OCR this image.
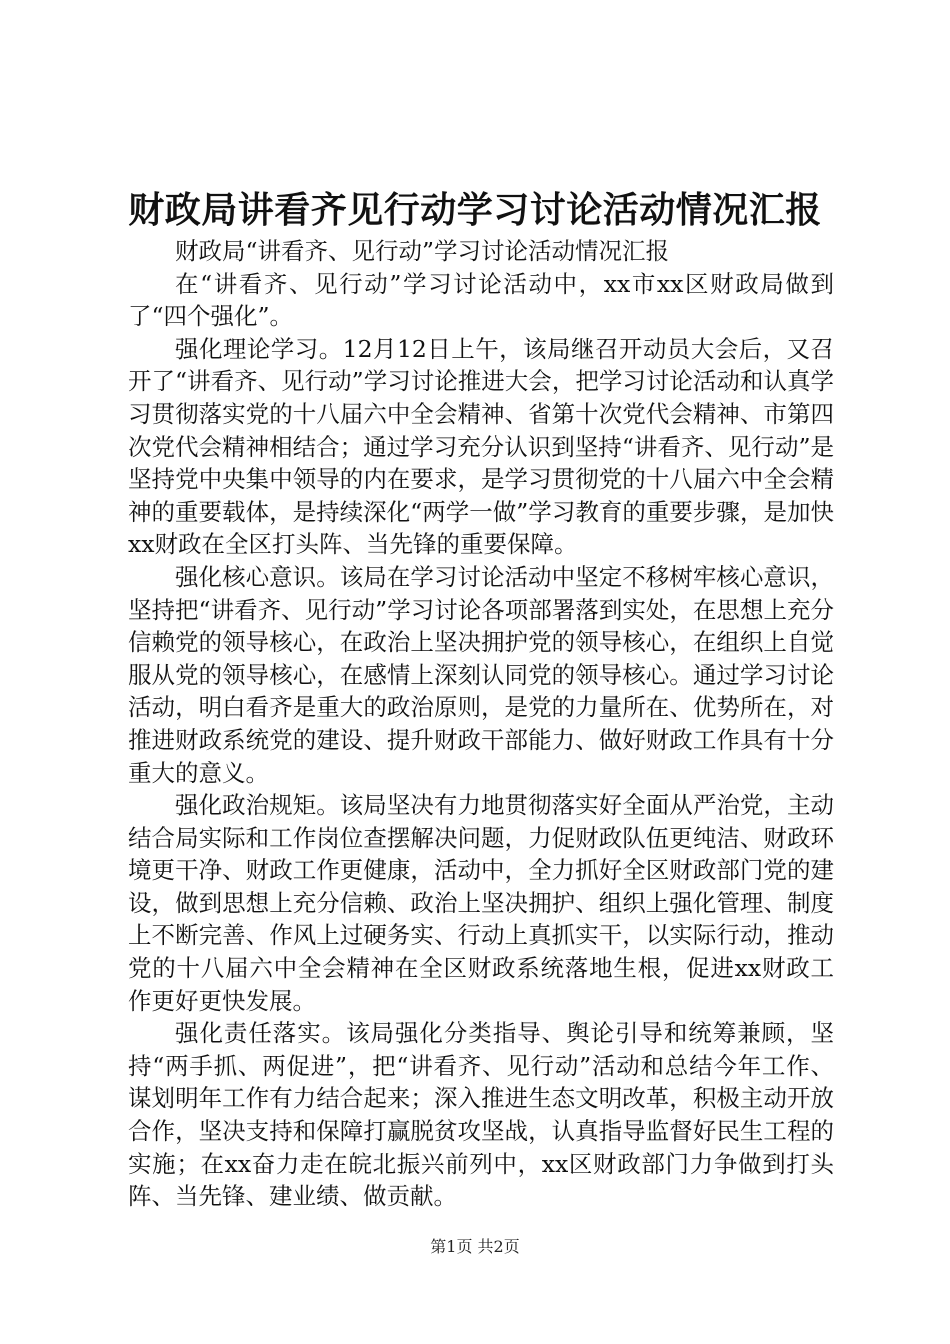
财政局讲看齐见行动学习讨论活动情况汇报

财政局“讲看齐、见行动”学习讨论活动情况汇报

在“讲看齐、见行动”学习讨论活动中，xx市xx区财政局做到了“四个强化”。

强化理论学习。12月12日上午，该局继召开动员大会后，又召开了“讲看齐、见行动”学习讨论推进大会，把学习讨论活动和认真学习贯彻落实党的十八届六中全会精神、省第十次党代会精神、市第四次党代会精神相结合；通过学习充分认识到坚持“讲看齐、见行动”是坚持党中央集中领导的内在要求，是学习贯彻党的十八届六中全会精神的重要载体，是持续深化“两学一做”学习教育的重要步骤，是加快xx财政在全区打头阵、当先锋的重要保障。

强化核心意识。该局在学习讨论活动中坚定不移树牢核心意识，坚持把“讲看齐、见行动”学习讨论各项部署落到实处，在思想上充分信赖党的领导核心，在政治上坚决拥护党的领导核心，在组织上自觉服从党的领导核心，在感情上深刻认同党的领导核心。通过学习讨论活动，明白看齐是重大的政治原则，是党的力量所在、优势所在，对推进财政系统党的建设、提升财政干部能力、做好财政工作具有十分重大的意义。

强化政治规矩。该局坚决有力地贯彻落实好全面从严治党，主动结合局实际和工作岗位查摆解决问题，力促财政队伍更纯洁、财政环境更干净、财政工作更健康，活动中，全力抓好全区财政部门党的建设，做到思想上充分信赖、政治上坚决拥护、组织上强化管理、制度上不断完善、作风上过硬务实、行动上真抓实干，以实际行动，推动党的十八届六中全会精神在全区财政系统落地生根，促进xx财政工作更好更快发展。

强化责任落实。该局强化分类指导、舆论引导和统筹兼顾，坚持“两手抓、两促进”，把“讲看齐、见行动”活动和总结今年工作、谋划明年工作有力结合起来；深入推进生态文明改革，积极主动开放合作，坚决支持和保障打赢脱贫攻坚战，认真指导监督好民生工程的实施；在xx奋力走在皖北振兴前列中，xx区财政部门力争做到打头阵、当先锋、建业绩、做贡献。

第1页 共2页
